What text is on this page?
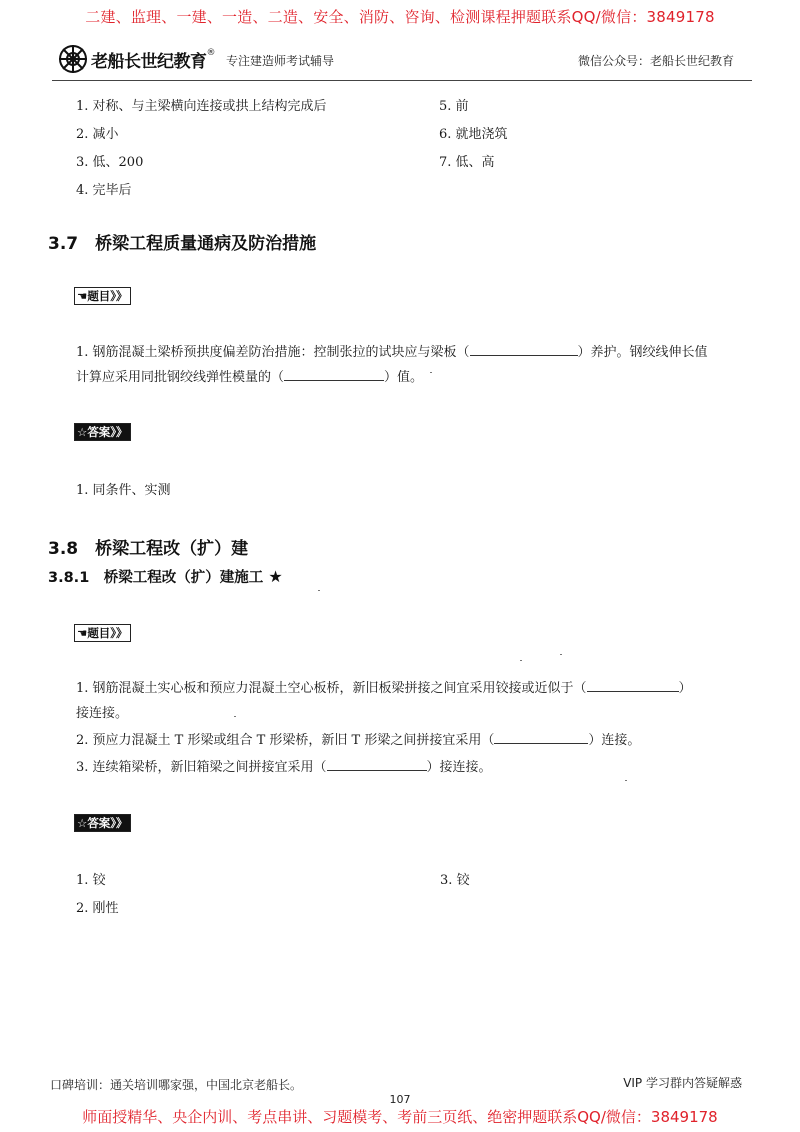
二建、监理、一建、一造、二造、安全、消防、咨询、检测课程押题联系QQ/微信：3849178
老船长世纪教育 ®
专注建造师考试辅导	微信公众号：老船长世纪教育
1. 对称、与主梁横向连接或拱上结构完成后
2. 减小
3. 低、200
4. 完毕后
5. 前
6. 就地浇筑
7. 低、高
3.7　桥梁工程质量通病及防治措施
☚ 题目》》
1. 钢筋混凝土梁桥预拱度偏差防治措施：控制张拉的试块应与梁板（	）养护。钢绞线伸长值
计算应采用同批钢绞线弹性模量的（	）值。
☆ 答案》》
1. 同条件、实测
3.8　桥梁工程改（扩）建
3.8.1　桥梁工程改（扩）建施工 ★
☚ 题目》》
1. 钢筋混凝土实心板和预应力混凝土空心板桥，新旧板梁拼接之间宜采用铰接或近似于（	）
接连接。
2. 预应力混凝土 T 形梁或组合 T 形梁桥，新旧 T 形梁之间拼接宜采用（	）连接。
3. 连续箱梁桥，新旧箱梁之间拼接宜采用（	）接连接。
☆ 答案》》
1. 铰
2. 刚性
3. 铰
口碑培训：通关培训哪家强，中国北京老船长。	VIP 学习群内答疑解惑
107
师面授精华、央企内训、考点串讲、习题模考、考前三页纸、绝密押题联系QQ/微信：3849178
